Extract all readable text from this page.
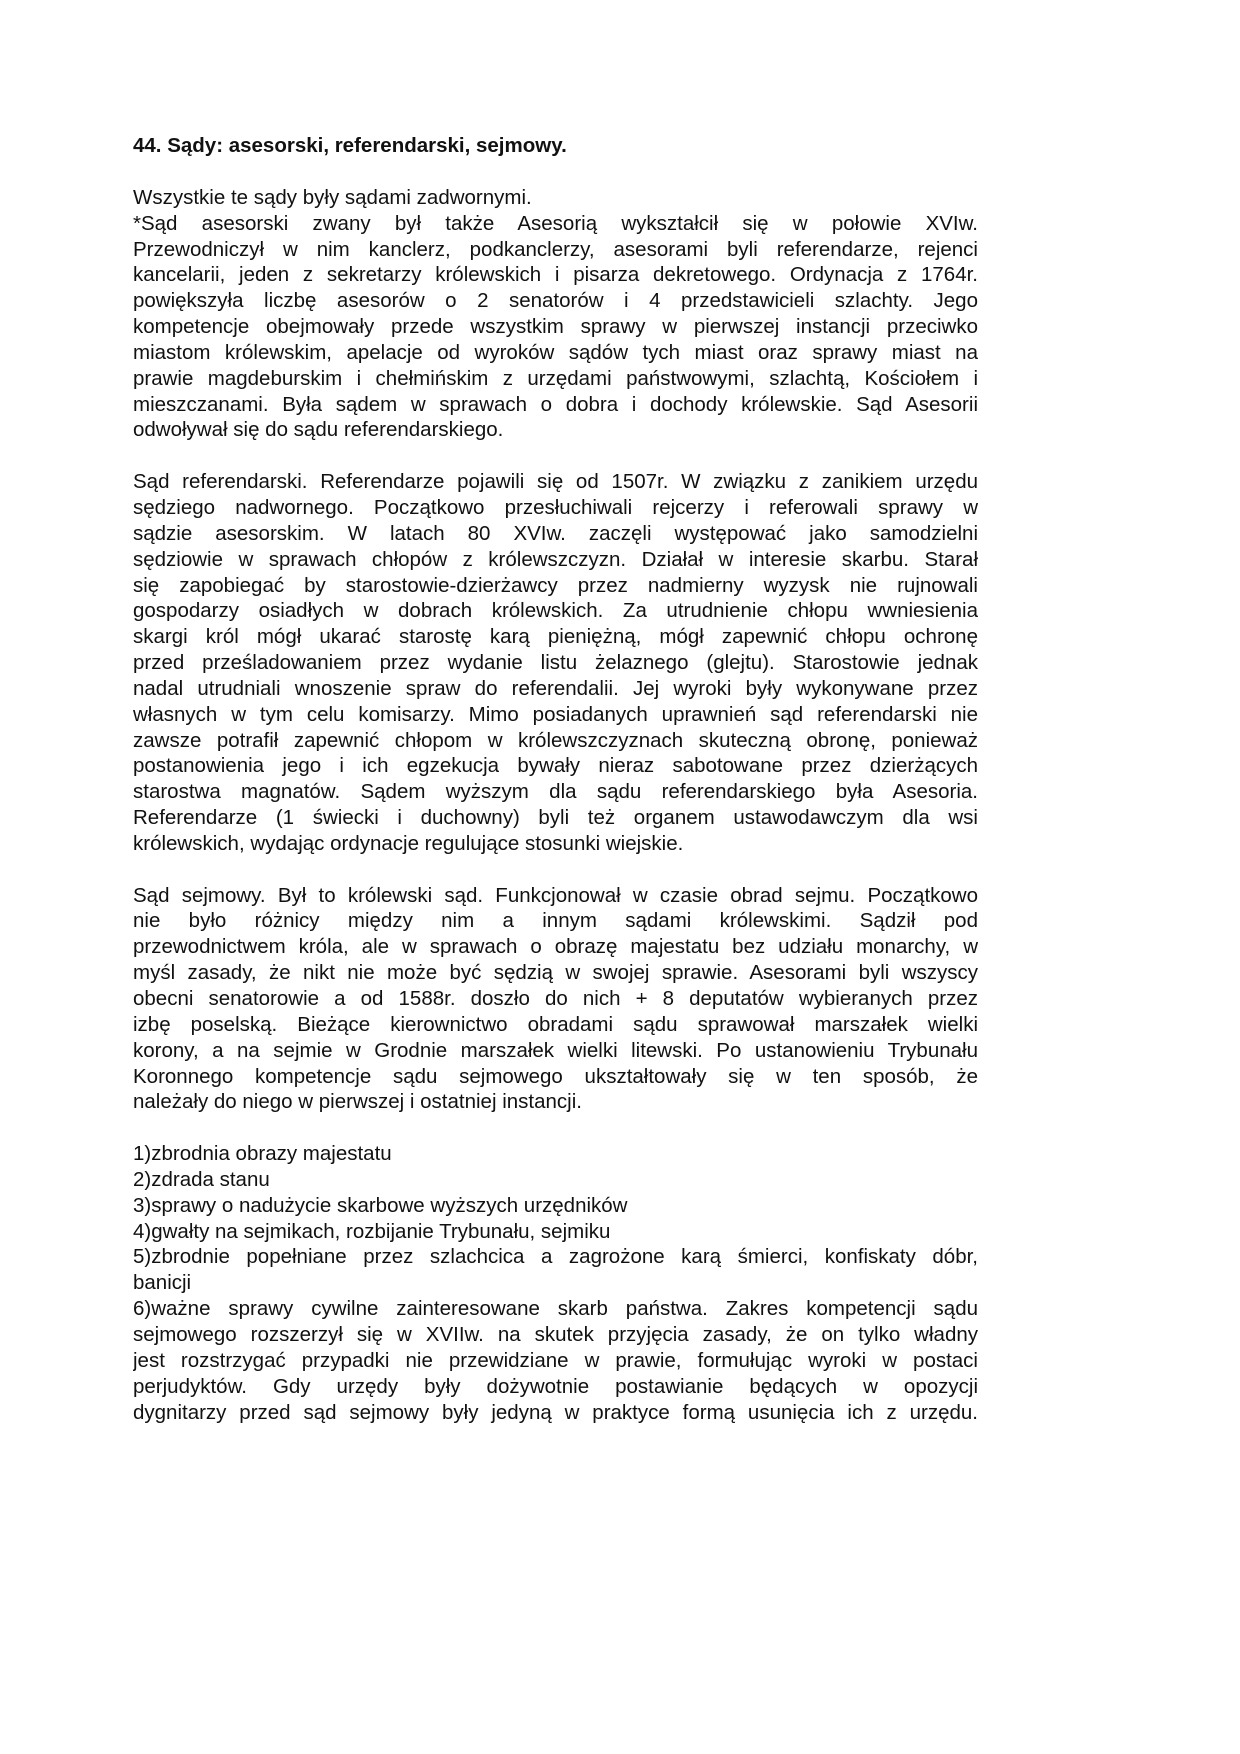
44. Sądy: asesorski, referendarski, sejmowy.
Wszystkie te sądy były sądami zadwornymi.
*Sąd asesorski zwany był także Asesorią wykształcił się w połowie XVIw.
Przewodniczył w nim kanclerz, podkanclerzy, asesorami byli referendarze, rejenci
kancelarii, jeden z sekretarzy królewskich i pisarza dekretowego. Ordynacja z 1764r.
powiększyła liczbę asesorów o 2 senatorów i 4 przedstawicieli szlachty. Jego
kompetencje obejmowały przede wszystkim sprawy w pierwszej instancji przeciwko
miastom królewskim, apelacje od wyroków sądów tych miast oraz sprawy miast na
prawie magdeburskim i chełmińskim z urzędami państwowymi, szlachtą, Kościołem i
mieszczanami. Była sądem w sprawach o dobra i dochody królewskie. Sąd Asesorii
odwoływał się do sądu referendarskiego.
Sąd referendarski. Referendarze pojawili się od 1507r. W związku z zanikiem urzędu
sędziego nadwornego. Początkowo przesłuchiwali rejcerzy i referowali sprawy w
sądzie asesorskim. W latach 80 XVIw. zaczęli występować jako samodzielni
sędziowie w sprawach chłopów z królewszczyzn. Działał w interesie skarbu. Starał
się zapobiegać by starostowie-dzierżawcy przez nadmierny wyzysk nie rujnowali
gospodarzy osiadłych w dobrach królewskich. Za utrudnienie chłopu wwniesienia
skargi król mógł ukarać starostę karą pieniężną, mógł zapewnić chłopu ochronę
przed prześladowaniem przez wydanie listu żelaznego (glejtu). Starostowie jednak
nadal utrudniali wnoszenie spraw do referendalii. Jej wyroki były wykonywane przez
własnych w tym celu komisarzy. Mimo posiadanych uprawnień sąd referendarski nie
zawsze potrafił zapewnić chłopom w królewszczyznach skuteczną obronę, ponieważ
postanowienia jego i ich egzekucja bywały nieraz sabotowane przez dzierżących
starostwa magnatów. Sądem wyższym dla sądu referendarskiego była Asesoria.
Referendarze (1 świecki i duchowny) byli też organem ustawodawczym dla wsi
królewskich, wydając ordynacje regulujące stosunki wiejskie.
Sąd sejmowy. Był to królewski sąd. Funkcjonował w czasie obrad sejmu. Początkowo
nie było różnicy między nim a innym sądami królewskimi. Sądził pod
przewodnictwem króla, ale w sprawach o obrazę majestatu bez udziału monarchy, w
myśl zasady, że nikt nie może być sędzią w swojej sprawie. Asesorami byli wszyscy
obecni senatorowie a od 1588r. doszło do nich + 8 deputatów wybieranych przez
izbę poselską. Bieżące kierownictwo obradami sądu sprawował marszałek wielki
korony, a na sejmie w Grodnie marszałek wielki litewski. Po ustanowieniu Trybunału
Koronnego kompetencje sądu sejmowego ukształtowały się w ten sposób, że
należały do niego w pierwszej i ostatniej instancji.
1)zbrodnia obrazy majestatu
2)zdrada stanu
3)sprawy o nadużycie skarbowe wyższych urzędników
4)gwałty na sejmikach, rozbijanie Trybunału, sejmiku
5)zbrodnie popełniane przez szlachcica a zagrożone karą śmierci, konfiskaty dóbr,
banicji
6)ważne sprawy cywilne zainteresowane skarb państwa. Zakres kompetencji sądu
sejmowego rozszerzył się w XVIIw. na skutek przyjęcia zasady, że on tylko władny
jest rozstrzygać przypadki nie przewidziane w prawie, formułując wyroki w postaci
perjudyktów. Gdy urzędy były dożywotnie postawianie będących w opozycji
dygnitarzy przed sąd sejmowy były jedyną w praktyce formą usunięcia ich z urzędu.
